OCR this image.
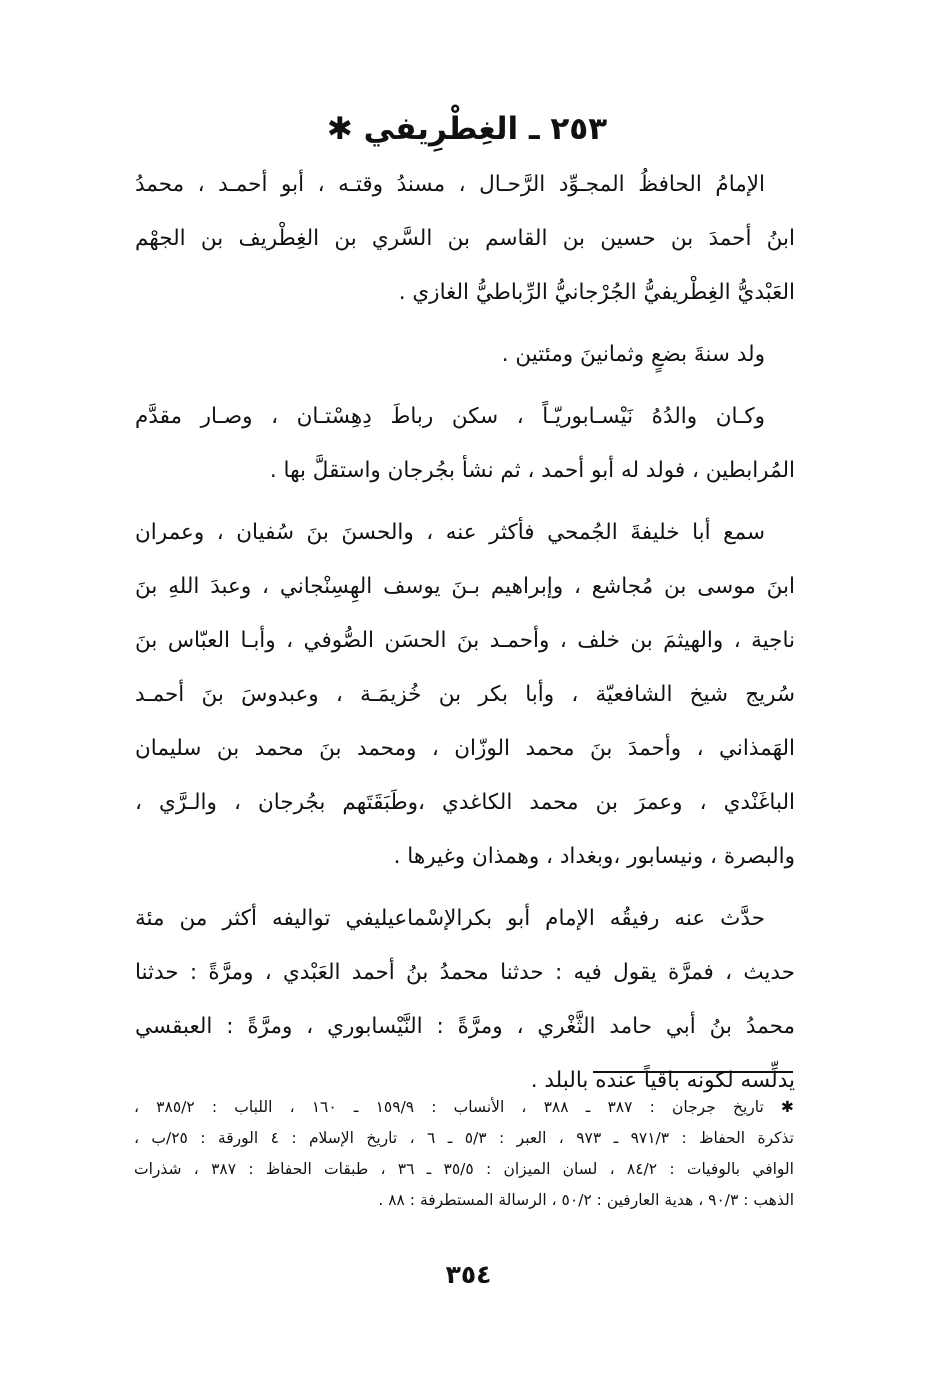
٢٥٣ ـ الغِطْرِيفي ✱

الإمامُ الحافظُ المجـوِّد الرَّحـال ، مسندُ وقتـه ، أبو أحمـد ، محمدُ
ابنُ أحمدَ بن حسين بن القاسم بن السَّري بن الغِطْريف بن الجهْم
العَبْديُّ الغِطْريفيُّ الجُرْجانيُّ الرِّباطيُّ الغازي .

ولد سنةَ بضعٍ وثمانينَ ومئتين .

وكـان والدُهُ نَيْسـابوريّـاً ، سكن رباطَ دِهِسْتـان ، وصـار مقدَّم
المُرابطين ، فولد له أبو أحمد ، ثم نشأ بجُرجان واستقلَّ بها .

سمع أبا خليفةَ الجُمحي فأكثر عنه ، والحسنَ بنَ سُفيان ، وعمران
ابنَ موسى بن مُجاشع ، وإبراهيم بـنَ يوسف الهِسِنْجاني ، وعبدَ اللهِ بنَ
ناجية ، والهيثمَ بن خلف ، وأحمـد بنَ الحسَن الصُّوفي ، وأبـا العبّاس بنَ
سُريج شيخ الشافعيّة ، وأبا بكر بن خُزيمَـة ، وعبدوسَ بنَ أحمـد
الهَمذاني ، وأحمدَ بنَ محمد الوزّان ، ومحمد بنَ محمد بن سليمان
الباغَنْدي ، وعمرَ بن محمد الكاغدي ،وطَبَقَتَهم بجُرجان ، والـرَّي ،
والبصرة ، ونيسابور ،وبغداد ، وهمذان وغيرها .

حدَّث عنه رفيقُه الإمام أبو بكرالإسْماعيليفي تواليفه أكثر من مئة
حديث ، فمرَّة يقول فيه : حدثنا محمدُ بنُ أحمد العَبْدي ، ومرَّةً : حدثنا
محمدُ بنُ أبي حامد الثَّغْري ، ومرَّةً : النَّيْسابوري ، ومرَّةً : العبقسي
يدلِّسه لكونه باقياً عنده بالبلد .

✱ تاريخ جرجان : ٣٨٧ ـ ٣٨٨ ، الأنساب : ١٥٩/٩ ـ ١٦٠ ، اللباب : ٣٨٥/٢ ،
تذكرة الحفاظ : ٩٧١/٣ ـ ٩٧٣ ، العبر : ٥/٣ ـ ٦ ، تاريخ الإسلام : ٤ الورقة : ٢٥/ب ،
الوافي بالوفيات : ٨٤/٢ ، لسان الميزان : ٣٥/٥ ـ ٣٦ ، طبقات الحفاظ : ٣٨٧ ، شذرات
الذهب : ٩٠/٣ ، هدية العارفين : ٥٠/٢ ، الرسالة المستطرفة : ٨٨ .
٣٥٤
